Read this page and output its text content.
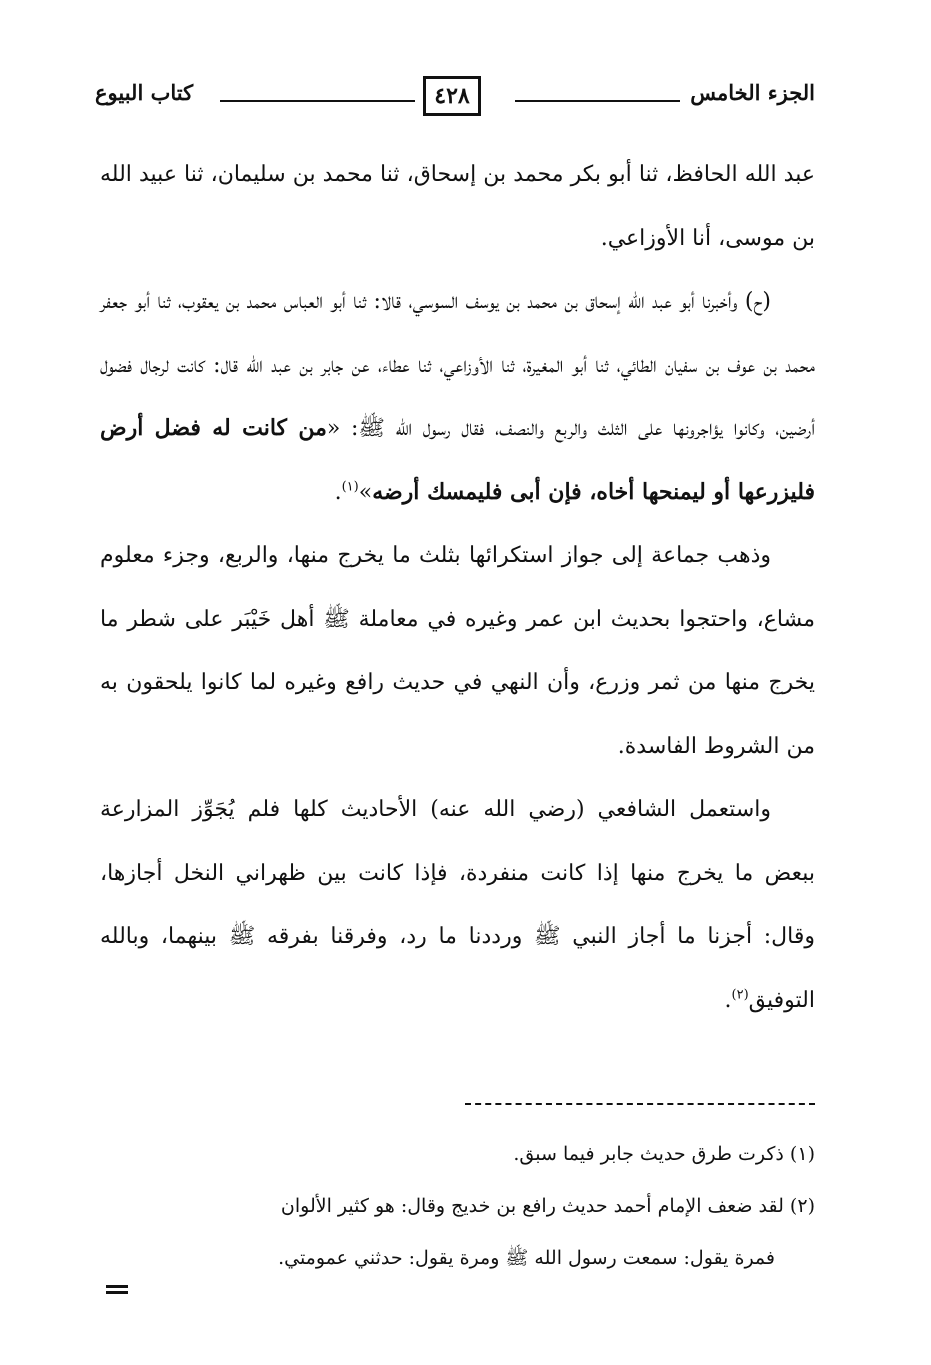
الجزء الخامس
٤٢٨
كتاب البيوع

عبد الله الحافظ، ثنا أبو بكر محمد بن إسحاق، ثنا محمد بن سليمان، ثنا عبيد الله بن موسى، أنا الأوزاعي.

(ح) وأخبرنا أبو عبد الله إسحاق بن محمد بن يوسف السوسي، قالا: ثنا أبو العباس محمد بن يعقوب، ثنا أبو جعفر محمد بن عوف بن سفيان الطائي، ثنا أبو المغيرة، ثنا الأوزاعي، ثنا عطاء، عن جابر بن عبد الله قال: كانت لرجال فضول أرضين، وكانوا يؤاجرونها على الثلث والربع والنصف، فقال رسول الله ﷺ: «من كانت له فضل أرض فليزرعها أو ليمنحها أخاه، فإن أبى فليمسك أرضه»$^{(١)}$.

وذهب جماعة إلى جواز استكرائها بثلث ما يخرج منها، والربع، وجزء معلوم مشاع، واحتجوا بحديث ابن عمر وغيره في معاملة ﷺ أهل خَيْبَر على شطر ما يخرج منها من ثمر وزرع، وأن النهي في حديث رافع وغيره لما كانوا يلحقون به من الشروط الفاسدة.

واستعمل الشافعي (رضي الله عنه) الأحاديث كلها فلم يُجَوِّز المزارعة ببعض ما يخرج منها إذا كانت منفردة، فإذا كانت بين ظهراني النخل أجازها، وقال: أجزنا ما أجاز النبي ﷺ ورددنا ما رد، وفرقنا بفرقه ﷺ بينهما، وبالله التوفيق$^{(٢)}$.

(١) ذكرت طرق حديث جابر فيما سبق.

(٢) لقد ضعف الإمام أحمد حديث رافع بن خديج وقال: هو كثير الألوان

فمرة يقول: سمعت رسول الله ﷺ ومرة يقول: حدثني عمومتي.
